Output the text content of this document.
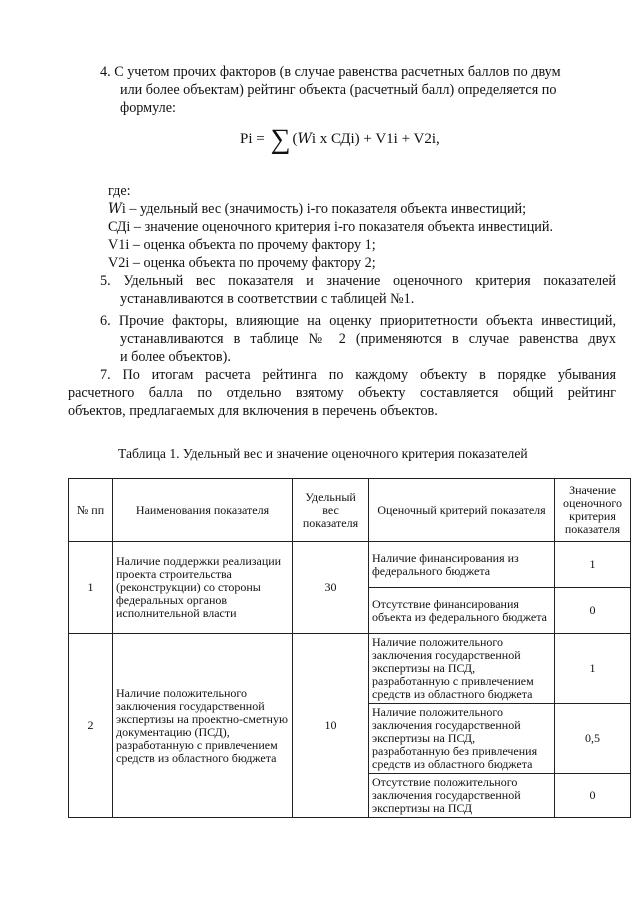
4. С учетом прочих факторов (в случае равенства расчетных баллов по двум
или более объектам) рейтинг объекта (расчетный балл) определяется по
формуле:
Pi = ∑ (Wi x СДi) + V1i + V2i,
где:
Wi – удельный вес (значимость) i-го показателя объекта инвестиций;
СДi – значение оценочного критерия i-го показателя объекта инвестиций.
V1i – оценка объекта по прочему фактору 1;
V2i – оценка объекта по прочему фактору 2;
5. Удельный вес показателя и значение оценочного критерия показателей
устанавливаются в соответствии с таблицей №1.
6. Прочие факторы, влияющие на оценку приоритетности объекта инвестиций,
устанавливаются в таблице № 2 (применяются в случае равенства двух
и более объектов).
7. По итогам расчета рейтинга по каждому объекту в порядке убывания
расчетного балла по отдельно взятому объекту составляется общий рейтинг
объектов, предлагаемых для включения в перечень объектов.
Таблица 1. Удельный вес и значение оценочного критерия показателей
№ пп	Наименования показателя	Удельный вес показателя	Оценочный критерий показателя	Значение оценочного критерия показателя
1	Наличие поддержки реализации проекта строительства (реконструкции) со стороны федеральных органов исполнительной власти	30	Наличие финансирования из федерального бюджета	1
			Отсутствие финансирования объекта из федерального бюджета	0
2	Наличие положительного заключения государственной экспертизы на проектно-сметную документацию (ПСД), разработанную с привлечением средств из областного бюджета	10	Наличие положительного заключения государственной экспертизы на ПСД, разработанную с привлечением средств из областного бюджета	1
			Наличие положительного заключения государственной экспертизы на ПСД, разработанную без привлечения средств из областного бюджета	0,5
			Отсутствие положительного заключения государственной экспертизы на ПСД	0
